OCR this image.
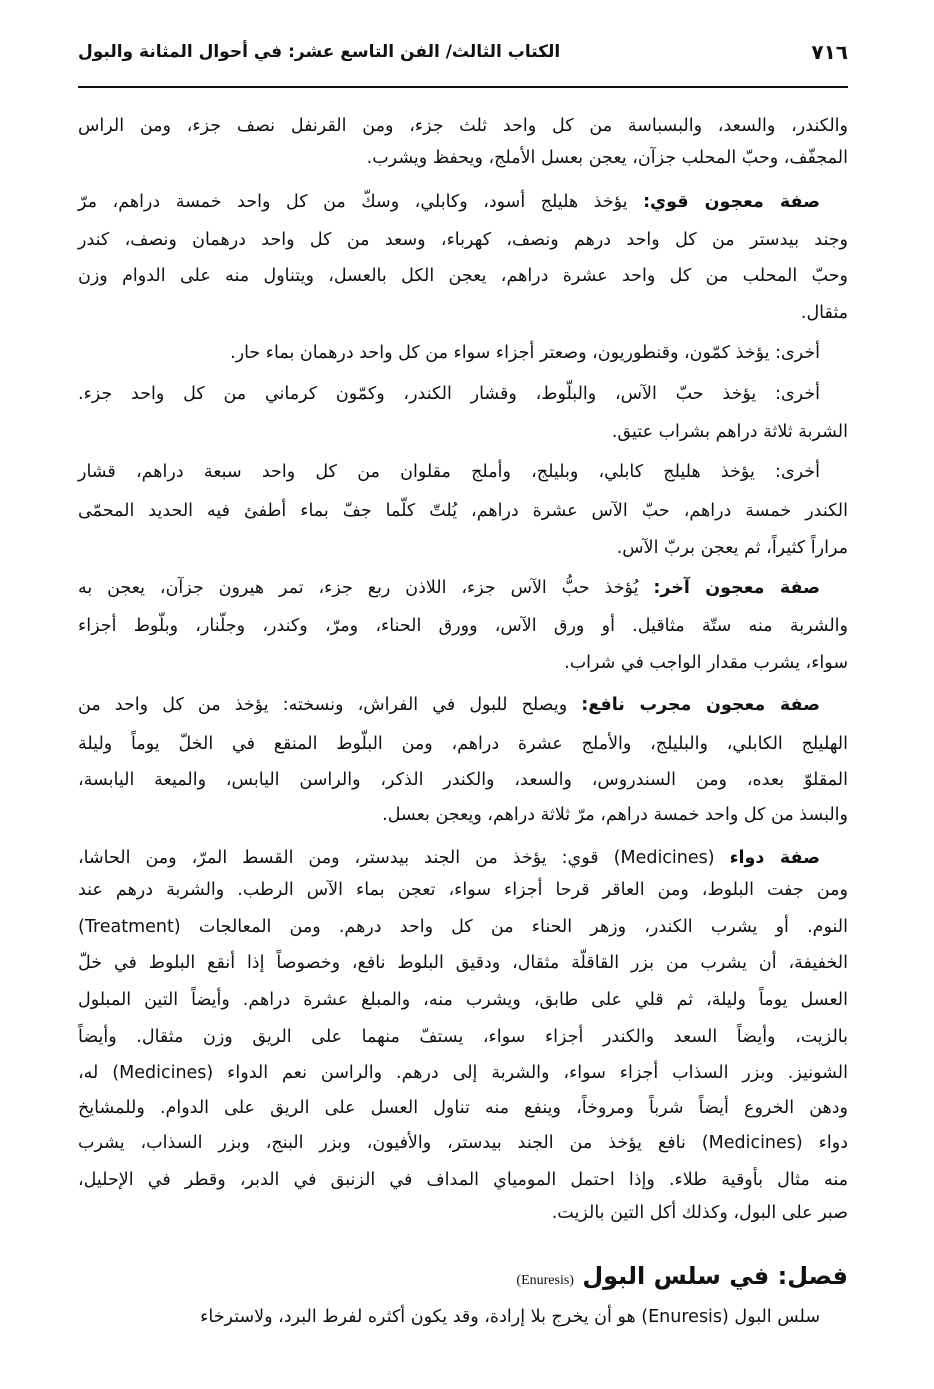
٧١٦
الكتاب الثالث/ الفن التاسع عشر: في أحوال المثانة والبول
والكندر، والسعد، والبسباسة من كل واحد ثلث جزء، ومن القرنفل نصف جزء، ومن الراس
المجفّف، وحبّ المحلب جزآن، يعجن بعسل الأملج، ويحفظ ويشرب.
صفة معجون قوي: يؤخذ هليلج أسود، وكابلي، وسكّ من كل واحد خمسة دراهم، مرّ
وجند بيدستر من كل واحد درهم ونصف، كهرباء، وسعد من كل واحد درهمان ونصف، كندر
وحبّ المحلب من كل واحد عشرة دراهم، يعجن الكل بالعسل، ويتناول منه على الدوام وزن
مثقال.
أخرى: يؤخذ كمّون، وقنطوريون، وصعتر أجزاء سواء من كل واحد درهمان بماء حار.
أخرى: يؤخذ حبّ الآس، والبلّوط، وقشار الكندر، وكمّون كرماني من كل واحد جزء.
الشربة ثلاثة دراهم بشراب عتيق.
أخرى: يؤخذ هليلج كابلي، وبليلج، وأملج مقلوان من كل واحد سبعة دراهم، قشار
الكندر خمسة دراهم، حبّ الآس عشرة دراهم، يُلتّ كلّما جفّ بماء أطفئ فيه الحديد المحمّى
مراراً كثيراً، ثم يعجن بربّ الآس.
صفة معجون آخر: يُؤخذ حبُّ الآس جزء، اللاذن ربع جزء، تمر هيرون جزآن، يعجن به
والشربة منه ستّة مثاقيل. أو ورق الآس، وورق الحناء، ومرّ، وكندر، وجلّنار، وبلّوط أجزاء
سواء، يشرب مقدار الواجب في شراب.
صفة معجون مجرب نافع: ويصلح للبول في الفراش، ونسخته: يؤخذ من كل واحد من
الهليلج الكابلي، والبليلج، والأملج عشرة دراهم، ومن البلّوط المنقع في الخلّ يوماً وليلة
المقلوّ بعده، ومن السندروس، والسعد، والكندر الذكر، والراسن اليابس، والميعة اليابسة،
والبسذ من كل واحد خمسة دراهم، مرّ ثلاثة دراهم، ويعجن بعسل.
صفة دواء (Medicines) قوي: يؤخذ من الجند بيدستر، ومن القسط المرّ، ومن الحاشا،
ومن جفت البلوط، ومن العاقر قرحا أجزاء سواء، تعجن بماء الآس الرطب. والشربة درهم عند
النوم. أو يشرب الكندر، وزهر الحناء من كل واحد درهم. ومن المعالجات (Treatment)
الخفيفة، أن يشرب من بزر القاقلّة مثقال، ودقيق البلوط نافع، وخصوصاً إذا أنقع البلوط في خلّ
العسل يوماً وليلة، ثم قلي على طابق، ويشرب منه، والمبلغ عشرة دراهم. وأيضاً التين المبلول
بالزيت، وأيضاً السعد والكندر أجزاء سواء، يستفّ منهما على الريق وزن مثقال. وأيضاً
الشونيز. وبزر السذاب أجزاء سواء، والشربة إلى درهم. والراسن نعم الدواء (Medicines) له،
ودهن الخروع أيضاً شرباً ومروخاً، وينفع منه تناول العسل على الريق على الدوام. وللمشايخ
دواء (Medicines) نافع يؤخذ من الجند بيدستر، والأفيون، وبزر البنج، وبزر السذاب، يشرب
منه مثال بأوقية طلاء. وإذا احتمل المومياي المداف في الزنبق في الدبر، وقطر في الإحليل،
صبر على البول، وكذلك أكل التين بالزيت.
فصل: في سلس البول (Enuresis)
سلس البول (Enuresis) هو أن يخرج بلا إرادة، وقد يكون أكثره لفرط البرد، ولاسترخاء
